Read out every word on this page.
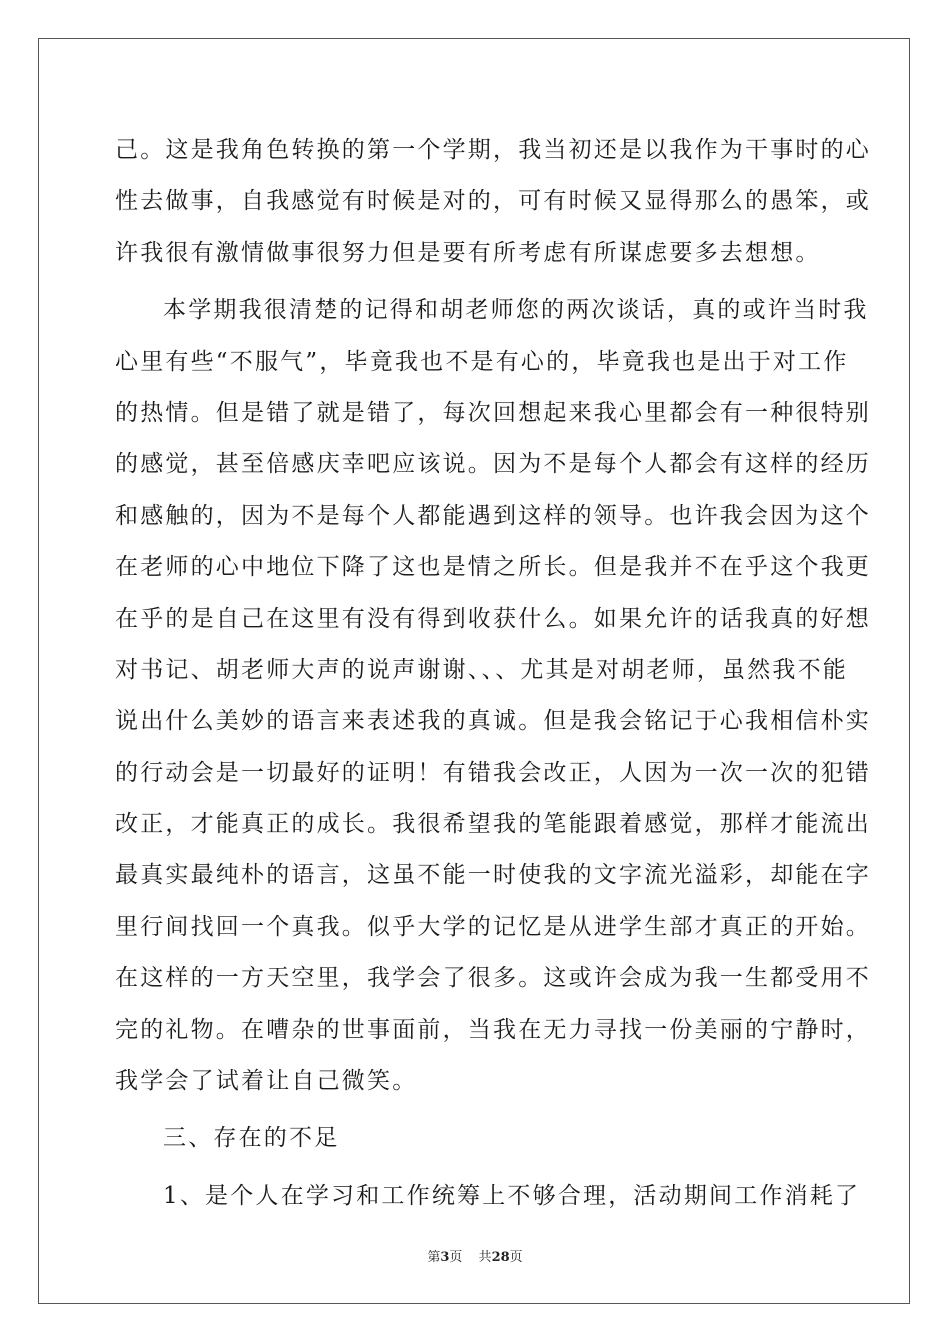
己。这是我角色转换的第一个学期，我当初还是以我作为干事时的心
性去做事，自我感觉有时候是对的，可有时候又显得那么的愚笨，或
许我很有激情做事很努力但是要有所考虑有所谋虑要多去想想。
本学期我很清楚的记得和胡老师您的两次谈话，真的或许当时我
心里有些“不服气”，毕竟我也不是有心的，毕竟我也是出于对工作
的热情。但是错了就是错了，每次回想起来我心里都会有一种很特别
的感觉，甚至倍感庆幸吧应该说。因为不是每个人都会有这样的经历
和感触的，因为不是每个人都能遇到这样的领导。也许我会因为这个
在老师的心中地位下降了这也是情之所长。但是我并不在乎这个我更
在乎的是自己在这里有没有得到收获什么。如果允许的话我真的好想
对书记、胡老师大声的说声谢谢、、、尤其是对胡老师，虽然我不能
说出什么美妙的语言来表述我的真诚。但是我会铭记于心我相信朴实
的行动会是一切最好的证明！有错我会改正，人因为一次一次的犯错
改正，才能真正的成长。我很希望我的笔能跟着感觉，那样才能流出
最真实最纯朴的语言，这虽不能一时使我的文字流光溢彩，却能在字
里行间找回一个真我。似乎大学的记忆是从进学生部才真正的开始。
在这样的一方天空里，我学会了很多。这或许会成为我一生都受用不
完的礼物。在嘈杂的世事面前，当我在无力寻找一份美丽的宁静时，
我学会了试着让自己微笑。
三、存在的不足
1、是个人在学习和工作统筹上不够合理，活动期间工作消耗了
第3页 共28页
